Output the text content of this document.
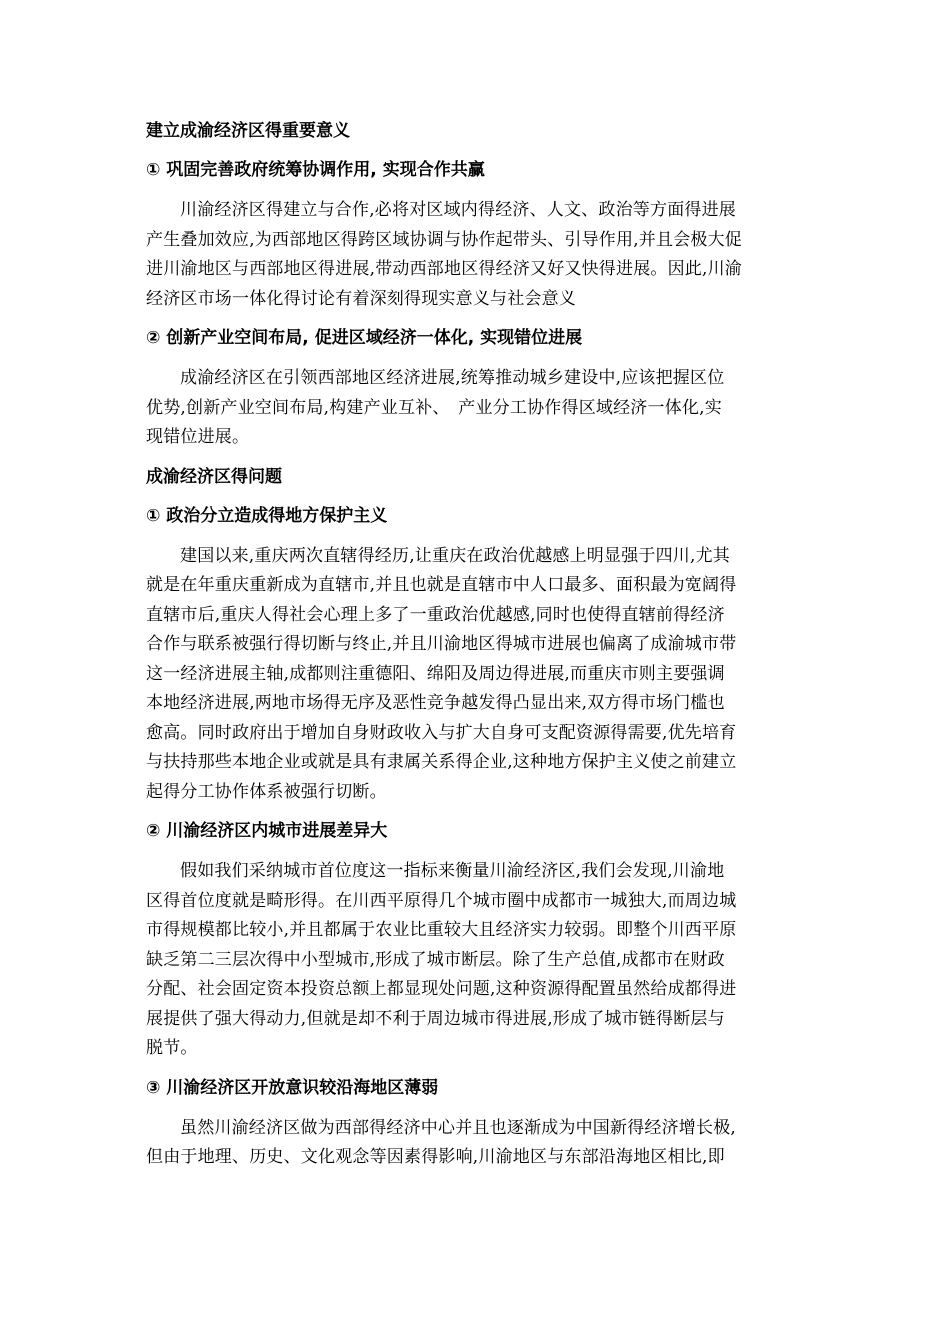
建立成渝经济区得重要意义
① 巩固完善政府统筹协调作用, 实现合作共赢
川渝经济区得建立与合作,必将对区域内得经济、人文、政治等方面得进展
产生叠加效应,为西部地区得跨区域协调与协作起带头、引导作用,并且会极大促
进川渝地区与西部地区得进展,带动西部地区得经济又好又快得进展。因此,川渝
经济区市场一体化得讨论有着深刻得现实意义与社会意义
② 创新产业空间布局, 促进区域经济一体化, 实现错位进展
成渝经济区在引领西部地区经济进展,统筹推动城乡建设中,应该把握区位
优势,创新产业空间布局,构建产业互补、　产业分工协作得区域经济一体化,实
现错位进展。
成渝经济区得问题
① 政治分立造成得地方保护主义
建国以来,重庆两次直辖得经历,让重庆在政治优越感上明显强于四川,尤其
就是在年重庆重新成为直辖市,并且也就是直辖市中人口最多、面积最为宽阔得
直辖市后,重庆人得社会心理上多了一重政治优越感,同时也使得直辖前得经济
合作与联系被强行得切断与终止,并且川渝地区得城市进展也偏离了成渝城市带
这一经济进展主轴,成都则注重德阳、绵阳及周边得进展,而重庆市则主要强调
本地经济进展,两地市场得无序及恶性竞争越发得凸显出来,双方得市场门槛也
愈高。同时政府出于增加自身财政收入与扩大自身可支配资源得需要,优先培育
与扶持那些本地企业或就是具有隶属关系得企业,这种地方保护主义使之前建立
起得分工协作体系被强行切断。
② 川渝经济区内城市进展差异大
假如我们采纳城市首位度这一指标来衡量川渝经济区,我们会发现,川渝地
区得首位度就是畸形得。在川西平原得几个城市圈中成都市一城独大,而周边城
市得规模都比较小,并且都属于农业比重较大且经济实力较弱。即整个川西平原
缺乏第二三层次得中小型城市,形成了城市断层。除了生产总值,成都市在财政
分配、社会固定资本投资总额上都显现处问题,这种资源得配置虽然给成都得进
展提供了强大得动力,但就是却不利于周边城市得进展,形成了城市链得断层与
脱节。
③ 川渝经济区开放意识较沿海地区薄弱
虽然川渝经济区做为西部得经济中心并且也逐渐成为中国新得经济增长极,
但由于地理、历史、文化观念等因素得影响,川渝地区与东部沿海地区相比,即
